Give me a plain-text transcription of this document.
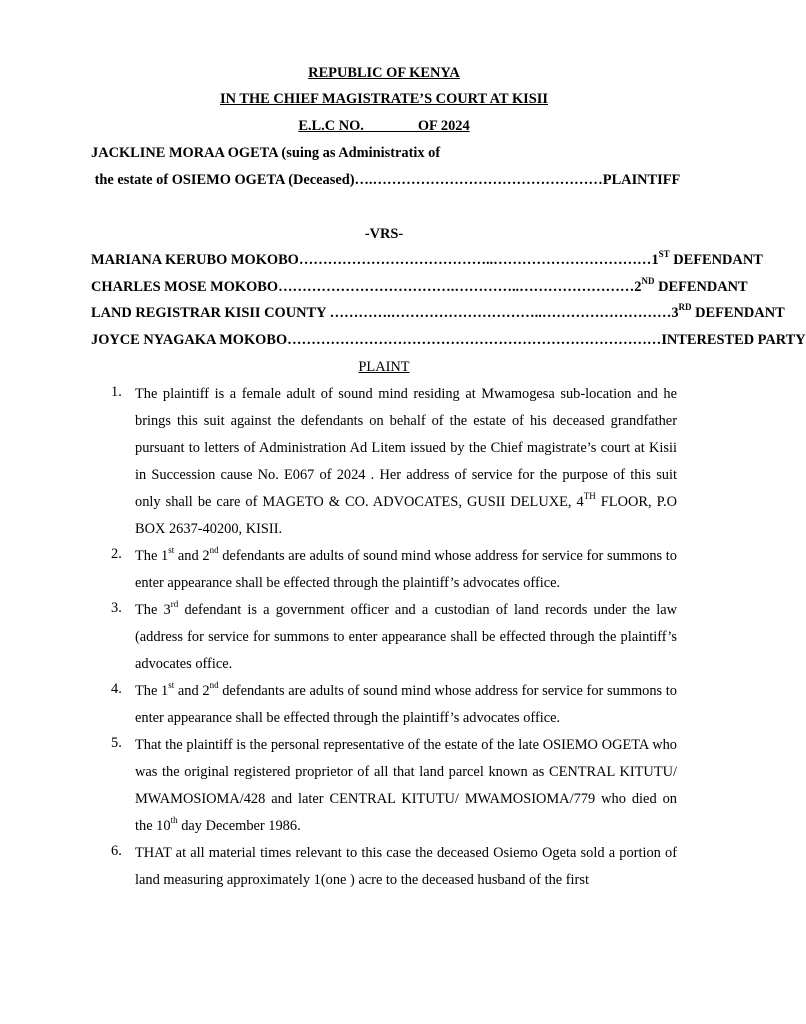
REPUBLIC OF KENYA
IN THE CHIEF MAGISTRATE’S COURT AT KISII
E.L.C NO.               OF 2024
JACKLINE MORAA OGETA (suing as Administratix of
the estate of OSIEMO OGETA (Deceased) ….………………………………………… PLAINTIFF
-VRS-
MARIANA KERUBO MOKOBO …………………………………..…………………………… 1ST DEFENDANT
CHARLES MOSE MOKOBO ……………………………….…………..…………………… 2ND DEFENDANT
LAND REGISTRAR KISII COUNTY ………….…………………………..……………………… 3RD DEFENDANT
JOYCE NYAGAKA MOKOBO …………………………………………………………………… INTERESTED PARTY
PLAINT
1. The plaintiff is a female adult of sound mind residing at Mwamogesa sub-location and he brings this suit against the defendants on behalf of the estate of his deceased grandfather pursuant to letters of Administration Ad Litem issued by the Chief magistrate’s court at Kisii in Succession cause No. E067 of 2024 . Her address of service for the purpose of this suit only shall be care of MAGETO & CO. ADVOCATES, GUSII DELUXE, 4TH FLOOR, P.O BOX 2637-40200, KISII.
2. The 1st and 2nd defendants are adults of sound mind whose address for service for summons to enter appearance shall be effected through the plaintiff’s advocates office.
3. The 3rd defendant is a government officer and a custodian of land records under the law (address for service for summons to enter appearance shall be effected through the plaintiff’s advocates office.
4. The 1st and 2nd defendants are adults of sound mind whose address for service for summons to enter appearance shall be effected through the plaintiff’s advocates office.
5. That the plaintiff is the personal representative of the estate of the late OSIEMO OGETA who was the original registered proprietor of all that land parcel known as CENTRAL KITUTU/ MWAMOSIOMA/428 and later CENTRAL KITUTU/ MWAMOSIOMA/779 who died on the 10th day December 1986.
6. THAT at all material times relevant to this case the deceased Osiemo Ogeta sold a portion of land measuring approximately 1(one ) acre to the deceased husband of the first
